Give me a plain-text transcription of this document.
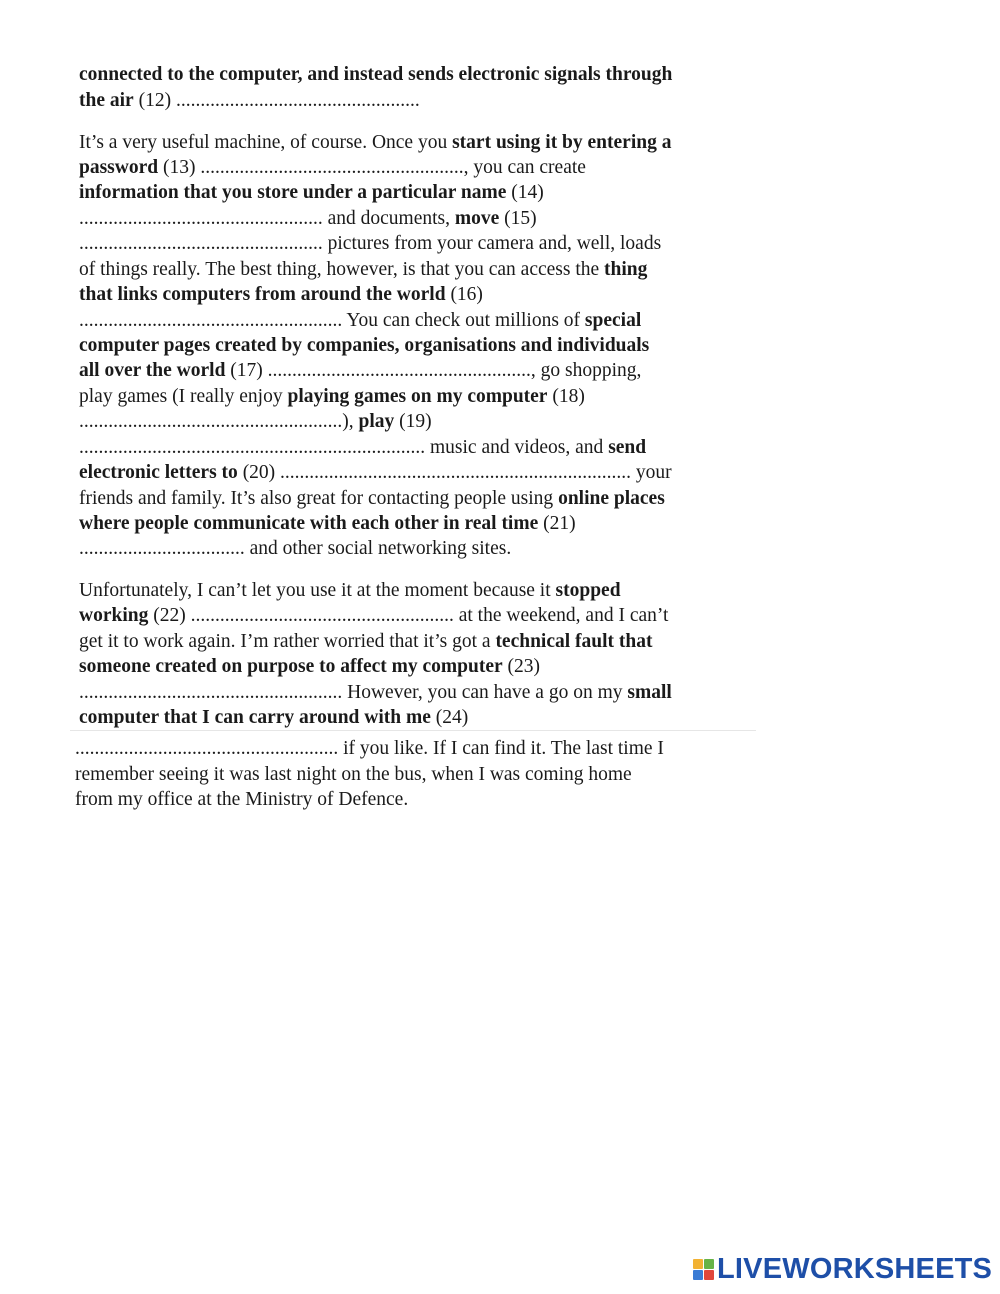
connected to the computer, and instead sends electronic signals through
the air (12) ..................................................
It’s a very useful machine, of course. Once you start using it by entering a
password (13) ......................................................, you can create
information that you store under a particular name (14)
.................................................. and documents, move (15)
.................................................. pictures from your camera and, well, loads
of things really. The best thing, however, is that you can access the thing
that links computers from around the world (16)
...................................................... You can check out millions of special
computer pages created by companies, organisations and individuals
all over the world (17) ......................................................, go shopping,
play games (I really enjoy playing games on my computer (18)
......................................................), play (19)
....................................................................... music and videos, and send
electronic letters to (20) ........................................................................ your
friends and family. It’s also great for contacting people using online places
where people communicate with each other in real time (21)
.................................. and other social networking sites.
Unfortunately, I can’t let you use it at the moment because it stopped
working (22) ...................................................... at the weekend, and I can’t
get it to work again. I’m rather worried that it’s got a technical fault that
someone created on purpose to affect my computer (23)
...................................................... However, you can have a go on my small
computer that I can carry around with me (24)
...................................................... if you like. If I can find it. The last time I
remember seeing it was last night on the bus, when I was coming home
from my office at the Ministry of Defence.
LIVEWORKSHEETS
